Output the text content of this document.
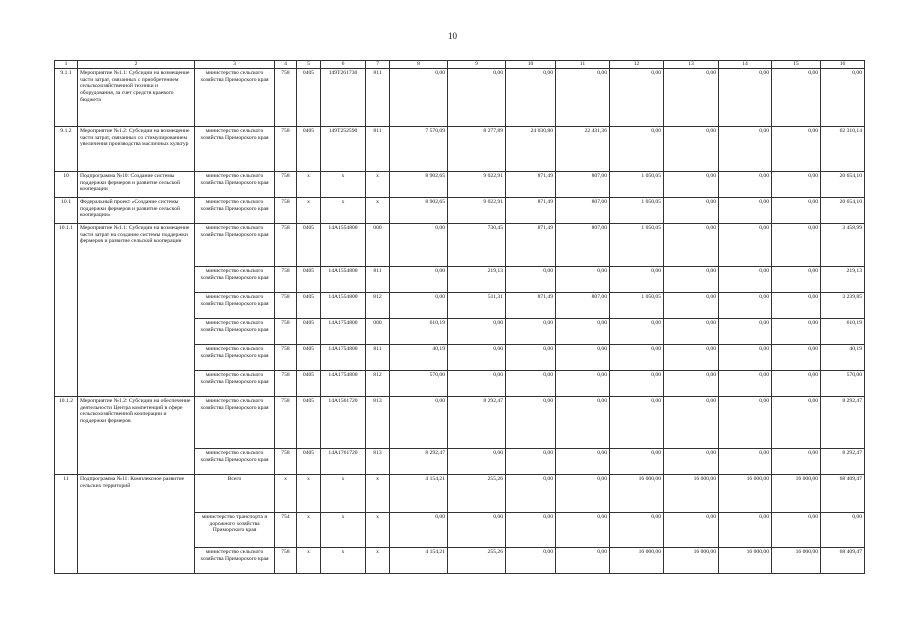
10
1	2	3	4	5	6	7	8	9	10	11	12	13	14	15	16
9.1.1	Мероприятие №1.1: Субсидии на возмещение части затрат, связанных с приобретением сельскохозяйственной техники и оборудования, за счет средств краевого бюджета	министерство сельского хозяйства Приморского края	758	0405	149Т261730	811	0,00	0,00	0,00	0,00	0,00	0,00	0,00	0,00	0,00
9.1.2	Мероприятие №1.2: Субсидии на возмещение части затрат, связанных со стимулированием увеличения производства масличных культур	министерство сельского хозяйства Приморского края	758	0405	149Т252590	811	7 570,09	8 277,89	24 030,80	22 431,36	0,00	0,00	0,00	0,00	62 310,14
10	Подпрограмма №10: Создание системы поддержки фермеров и развитие сельской кооперации	министерство сельского хозяйства Приморского края	758	х	х	х	8 902,65	9 022,91	871,49	807,00	1 050,05	0,00	0,00	0,00	20 654,10
10.1	Федеральный проект «Создание системы поддержки фермеров и развитие сельской кооперации»	министерство сельского хозяйства Приморского края	758	х	х	х	8 902,65	9 022,91	871,49	807,00	1 050,05	0,00	0,00	0,00	20 654,10
10.1.1	Мероприятие №1.1: Субсидии на возмещение части затрат на создание системы поддержки фермеров и развитие сельской кооперации	министерство сельского хозяйства Приморского края	758	0405	14А1554800	000	0,00	730,45	871,49	807,00	1 050,05	0,00	0,00	0,00	3 458,99
		министерство сельского хозяйства Приморского края	758	0405	14А1554800	811	0,00	219,13	0,00	0,00	0,00	0,00	0,00	0,00	219,13
		министерство сельского хозяйства Приморского края	758	0405	14А1554800	812	0,00	511,31	871,49	807,00	1 050,05	0,00	0,00	0,00	3 239,85
		министерство сельского хозяйства Приморского края	758	0405	14А1754800	000	610,19	0,00	0,00	0,00	0,00	0,00	0,00	0,00	610,19
		министерство сельского хозяйства Приморского края	758	0405	14А1754800	811	40,19	0,00	0,00	0,00	0,00	0,00	0,00	0,00	40,19
		министерство сельского хозяйства Приморского края	758	0405	14А1754800	812	570,00	0,00	0,00	0,00	0,00	0,00	0,00	0,00	570,00
10.1.2	Мероприятие №1.2: Субсидии на обеспечение деятельности Центра компетенций в сфере сельскохозяйственной кооперации и поддержки фермеров	министерство сельского хозяйства Приморского края	758	0405	14А1561720	813	0,00	8 292,47	0,00	0,00	0,00	0,00	0,00	0,00	8 292,47
		министерство сельского хозяйства Приморского края	758	0405	14А1761720	813	8 292,47	0,00	0,00	0,00	0,00	0,00	0,00	0,00	8 292,47
11	Подпрограмма №11: Комплексное развитие сельских территорий	Всего	х	х	х	х	4 154,21	255,26	0,00	0,00	16 000,00	16 000,00	16 000,00	16 000,00	68 409,47
		министерство транспорта и дорожного хозяйства Приморского края	754	х	х	х	0,00	0,00	0,00	0,00	0,00	0,00	0,00	0,00	0,00
		министерство сельского хозяйства Приморского края	758	х	х	х	4 154,21	255,26	0,00	0,00	16 000,00	16 000,00	16 000,00	16 000,00	68 409,47
